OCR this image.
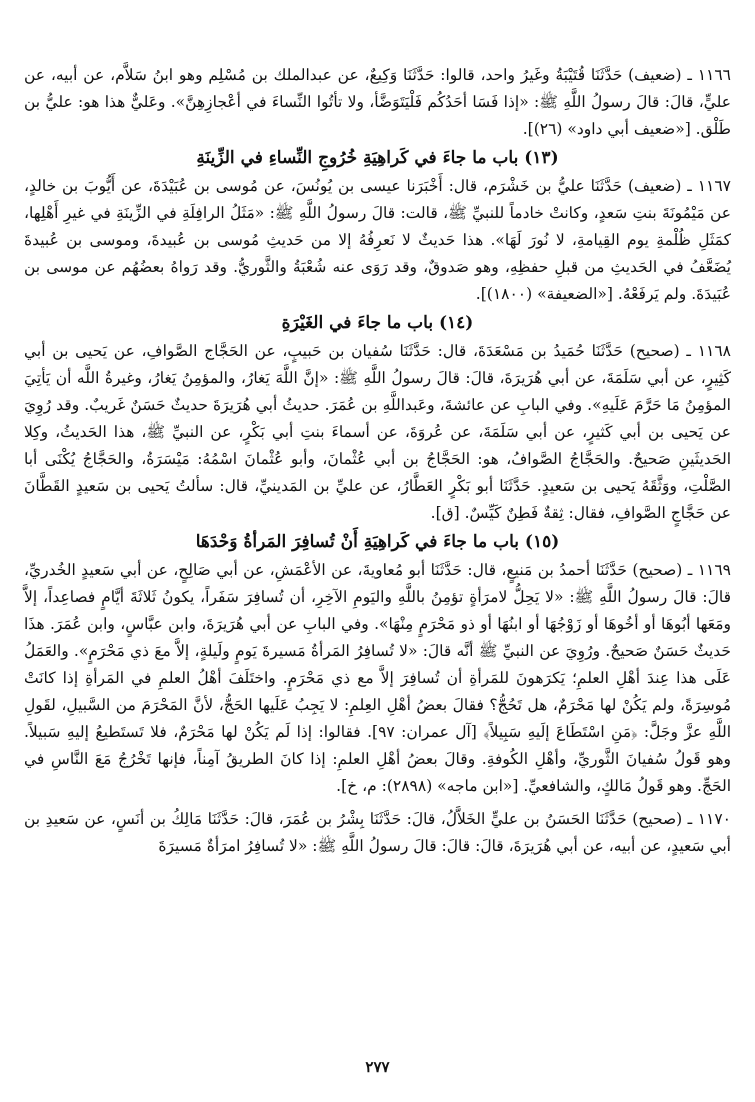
١١٦٦ ـ (ضعيف) حَدَّثَنَا قُتَيْبَةُ وغَيرُ واحد، قالوا: حَدَّثَنَا وَكِيعٌ، عن عبدالملك بن مُسْلِم وهو ابنُ سَلاَّم، عن أبيه، عن عليٍّ، قالَ: قالَ رسولُ اللَّهِ ﷺ: «إذا فَسَا أحَدُكُم فَلْيَتَوَضَّأ، ولا تأتُوا النِّساءَ في أعْجازِهِنَّ». وعَليٌّ هذا هو: عليُّ بن طَلْق. [«ضعيف أبي داود» (٢٦)].

(١٣) باب ما جاءَ في كَراهِيَةِ خُرُوجِ النِّساءِ في الزِّينَةِ

١١٦٧ ـ (ضعيف) حَدَّثَنَا عليُّ بن خَشْرَم، قال: أَخْبَرَنا عيسى بن يُونُسَ، عن مُوسى بن عُبَيْدَةَ، عن أَيُّوبَ بن خالدٍ، عن مَيْمُونَةَ بنتِ سَعدٍ، وكانتْ خادماً للنبيِّ ﷺ، قالت: قالَ رسولُ اللَّهِ ﷺ: «مَثَلُ الرافِلَةِ في الزِّينَةِ في غيرِ أَهْلِها، كمَثَلِ ظُلْمةِ يوم القِيامةِ، لا نُورَ لَهَا». هذا حَديثٌ لا نَعرِفُهُ إلا من حَديثِ مُوسى بن عُبيدةَ، وموسى بن عُبيدةَ يُضَعَّفُ في الحَديثِ من قبلِ حفظِهِ، وهو صَدوقٌ، وقد رَوَى عنه شُعْبَةُ والثَّوريُّ. وقد رَواهُ بعضُهُم عن موسى بن عُبَيدَةَ. ولم يَرفَعْهُ. [«الضعيفة» (١٨٠٠)].

(١٤) باب ما جاءَ في الغَيْرَةِ

١١٦٨ ـ (صحيح) حَدَّثَنَا حُمَيدُ بن مَسْعَدَةَ، قال: حَدَّثَنَا سُفيان بن حَبيبٍ، عن الحَجَّاج الصَّوافِ، عن يَحيى بن أبي كَثِيرٍ، عن أبي سَلَمَةَ، عن أبي هُرَيرَةَ، قالَ: قالَ رسولُ اللَّهِ ﷺ: «إنَّ اللَّهَ يَغارُ، والمؤمِنُ يَغارُ، وغيرةُ اللَّه أن يَأتِيَ المؤمِنُ مَا حَرَّمَ عَلَيهِ». وفي البابِ عن عائشةَ، وعَبداللَّهِ بن عُمَرَ. حديثُ أبي هُرَيرَةَ حديثٌ حَسَنٌ غَريبٌ. وقد رُوِيَ عن يَحيى بن أبي كَثيرٍ، عن أبي سَلَمَةَ، عن عُروَةَ، عن أسماءَ بنتِ أبي بَكْرٍ، عن النبيِّ ﷺ، هذا الحَديثُ، وكِلا الحَديثَينِ صَحيحٌ. والحَجَّاجُ الصَّوافُ، هو: الحَجَّاجُ بن أبي عُثْمانَ، وأبو عُثْمانَ اسْمُهُ: مَيْسَرَةُ، والحَجَّاجُ يُكْنَى أبا الصَّلْتِ، ووَثَّقَهُ يَحيى بن سَعيدٍ. حَدَّثَنَا أبو بَكْرٍ العَطَّارُ، عن عليِّ بن المَدينيِّ، قال: سألتُ يَحيى بن سَعيدٍ القَطَّانَ عن حَجَّاجٍ الصَّوافِ، فقال: ثِقةٌ فَطِنٌ كَيِّسٌ. [ق].

(١٥) باب ما جاءَ في كَراهِيَةِ أَنْ تُسافِرَ المَرأةُ وَحْدَهَا

١١٦٩ ـ (صحيح) حَدَّثَنَا أحمدُ بن مَنيعٍ، قال: حَدَّثَنَا أبو مُعاويةَ، عن الأعْمَشِ، عن أبي صَالِحٍ، عن أبي سَعيدٍ الخُدريِّ، قالَ: قالَ رسولُ اللَّهِ ﷺ: «لا يَحِلُّ لامرَأةٍ تؤمِنُ باللَّهِ واليَومِ الآخِرِ، أن تُسافِرَ سَفَراً، يكونُ ثَلاثَةَ أيَّامٍ فصاعِداً، إلاَّ ومَعَها أبُوهَا أو أخُوهَا أو زَوْجُهَا أو ابنُهَا أو ذو مَحْرَمٍ مِنْهَا». وفي البابِ عن أبي هُرَيرَةَ، وابن عبَّاسٍ، وابن عُمَرَ. هذَا حَديثٌ حَسَنٌ صَحيحٌ. ورُوِيَ عن النبيِّ ﷺ أنَّه قالَ: «لا تُسافِرُ المَرأةُ مَسيرةَ يَومٍ ولَيلةٍ، إلاَّ معَ ذي مَحْرَمٍ». والعَمَلُ عَلَى هذا عِندَ أهْلِ العلمِ؛ يَكرَهونَ للمَرأةِ أن تُسافِرَ إلاَّ مع ذي مَحْرَمٍ. واختَلَفَ أهْلُ العلمِ في المَرأةِ إذا كانَتْ مُوسِرَةً، ولم يَكُنْ لها مَحْرَمٌ، هل تَحُجُّ؟ فقالَ بعضُ أهْلِ العِلمِ: لا يَجِبُ عَلَيها الحَجُّ، لأنَّ المَحْرَمَ من السَّبيلِ، لقَولِ اللَّهِ عزَّ وجَلَّ: ﴿مَنِ اسْتَطَاعَ إلَيهِ سَبِيلاً﴾ [آل عمران: ٩٧]. فقالوا: إذا لَم يَكُنْ لها مَحْرَمٌ، فلا تَستَطيعُ إليهِ سَبيلاً. وهو قَولُ سُفيانَ الثَّوريِّ، وأهْلِ الكُوفةِ. وقالَ بعضُ أهْلِ العلمِ: إذا كانَ الطريقُ آمِناً، فإنها تَخْرُجُ مَعَ النَّاسِ في الحَجِّ. وهو قَولُ مَالكٍ، والشافعيِّ. [«ابن ماجه» (٢٨٩٨): م، خ].

١١٧٠ ـ (صحيح) حَدَّثَنَا الحَسَنُ بن عليٍّ الخَلاَّلُ، قالَ: حَدَّثَنَا بِشْرُ بن عُمَرَ، قالَ: حَدَّثَنَا مَالِكُ بن أنَسٍ، عن سَعيدِ بن أبي سَعيدٍ، عن أبيه، عن أبي هُرَيرَةَ، قالَ: قالَ: قالَ رسولُ اللَّهِ ﷺ: «لا تُسافِرُ امرَأةٌ مَسيرَةَ

٢٧٧
